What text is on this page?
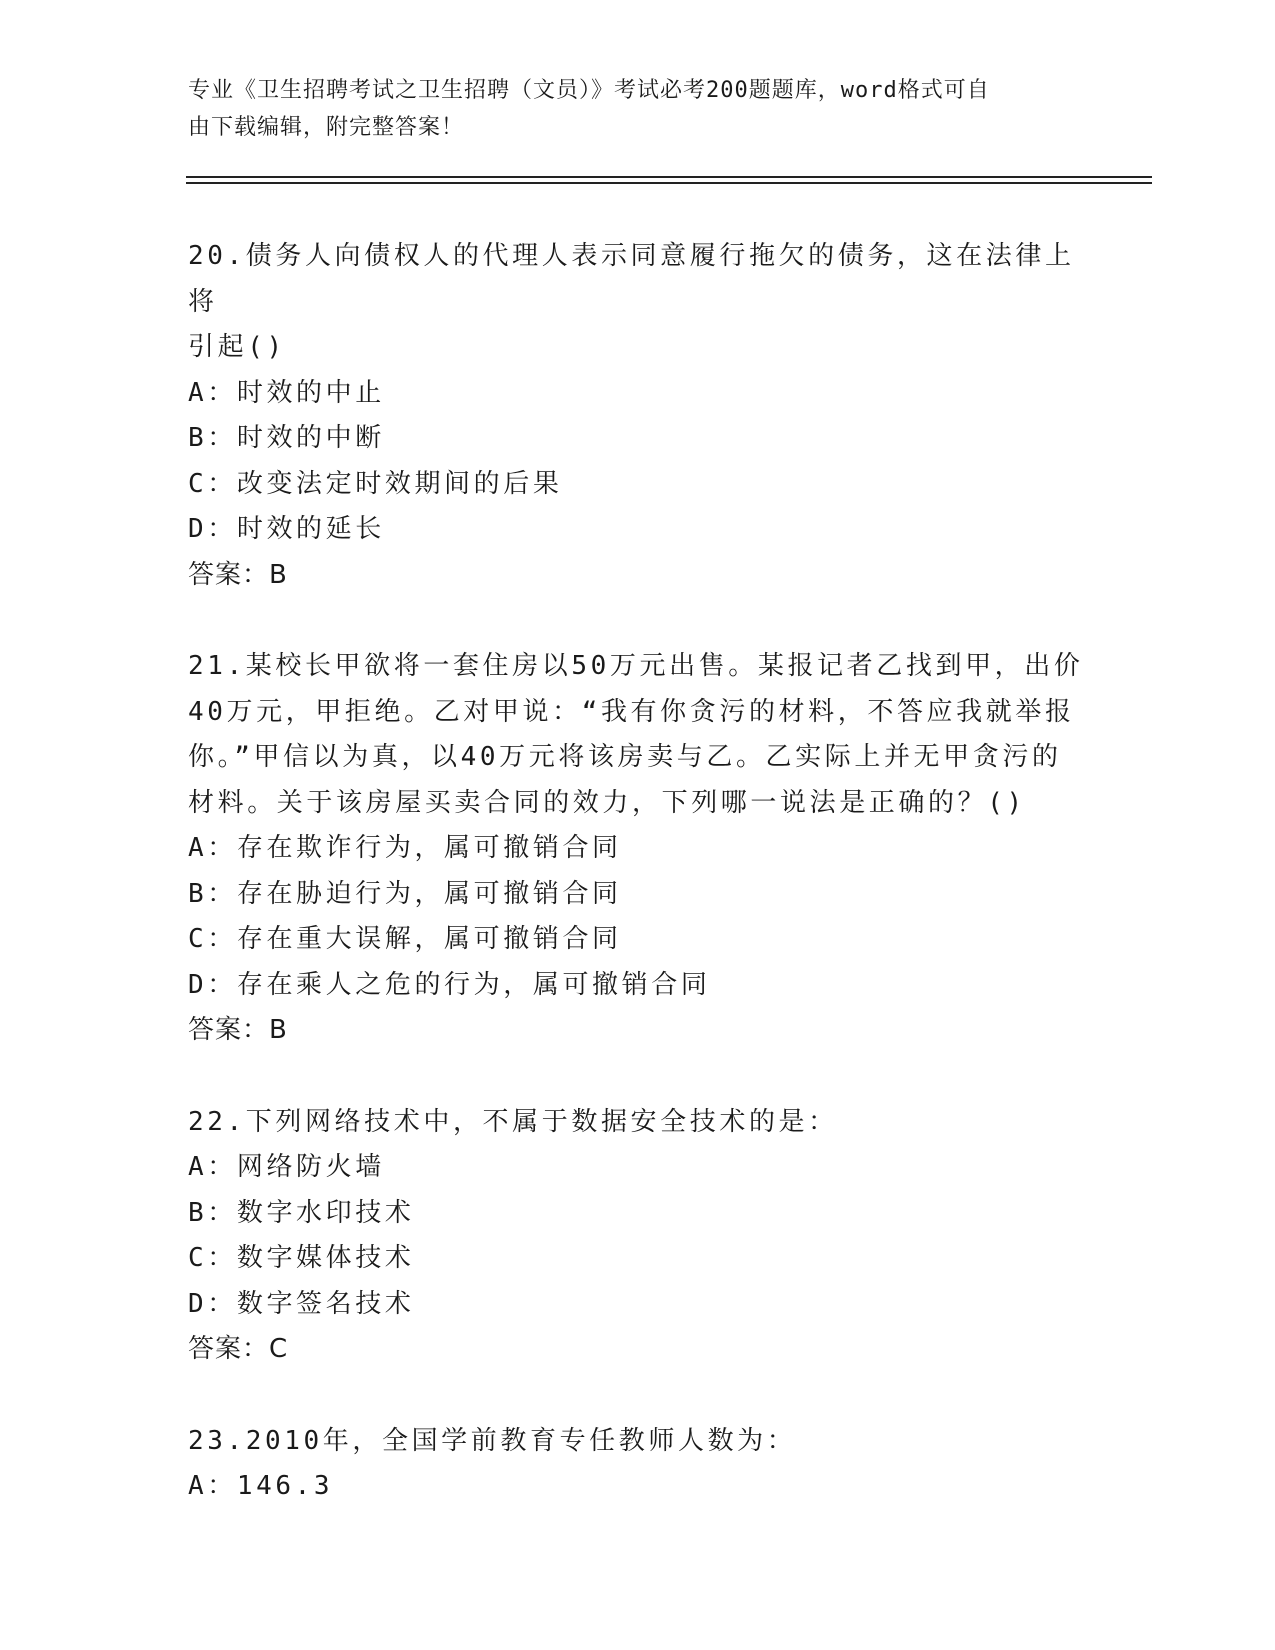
专业《卫生招聘考试之卫生招聘（文员）》考试必考200题题库，word格式可自
由下载编辑，附完整答案！
20.债务人向债权人的代理人表示同意履行拖欠的债务，这在法律上将
引起()
A：时效的中止
B：时效的中断
C：改变法定时效期间的后果
D：时效的延长
答案：B
21.某校长甲欲将一套住房以50万元出售。某报记者乙找到甲，出价
40万元，甲拒绝。乙对甲说：“我有你贪污的材料，不答应我就举报
你。”甲信以为真，以40万元将该房卖与乙。乙实际上并无甲贪污的
材料。关于该房屋买卖合同的效力，下列哪一说法是正确的？()
A：存在欺诈行为，属可撤销合同
B：存在胁迫行为，属可撤销合同
C：存在重大误解，属可撤销合同
D：存在乘人之危的行为，属可撤销合同
答案：B
22.下列网络技术中，不属于数据安全技术的是：
A：网络防火墙
B：数字水印技术
C：数字媒体技术
D：数字签名技术
答案：C
23.2010年，全国学前教育专任教师人数为：
A：146.3
